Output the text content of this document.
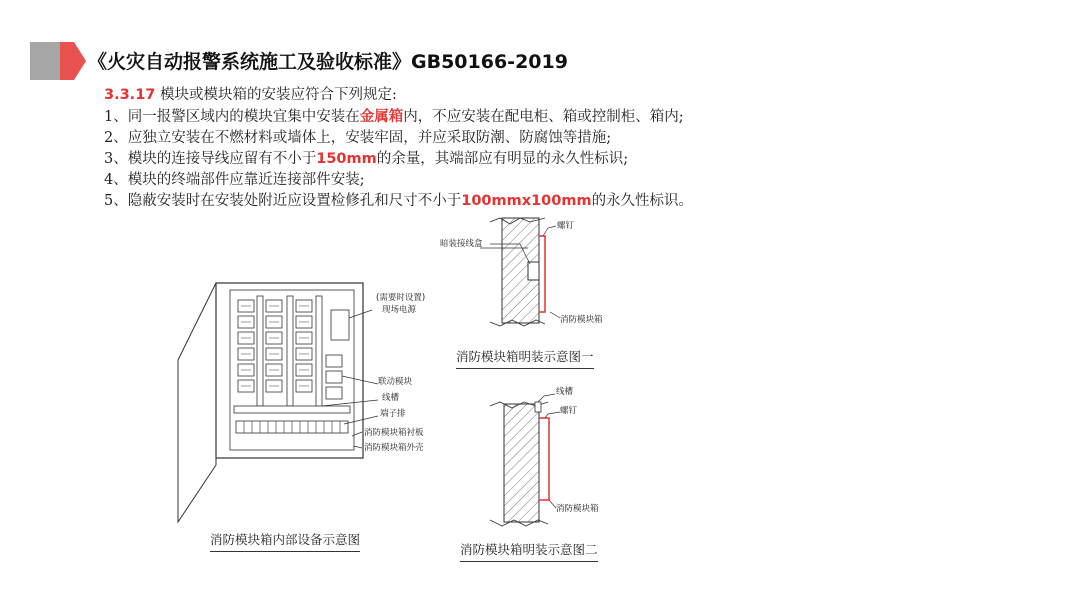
《火灾自动报警系统施工及验收标准》GB50166-2019
3.3.17 模块或模块箱的安装应符合下列规定:
1、同一报警区域内的模块宜集中安装在金属箱内，不应安装在配电柜、箱或控制柜、箱内;
2、应独立安装在不燃材料或墙体上，安装牢固，并应采取防潮、防腐蚀等措施;
3、模块的连接导线应留有不小于150mm的余量，其端部应有明显的永久性标识;
4、模块的终端部件应靠近连接部件安装;
5、隐蔽安装时在安装处附近应设置检修孔和尺寸不小于100mmx100mm的永久性标识。
(需要时设置)
现场电源
联动模块
线槽
端子排
消防模块箱衬板
消防模块箱外壳
螺钉
暗装接线盒
消防模块箱
线槽
螺钉
消防模块箱
消防模块箱内部设备示意图
消防模块箱明装示意图一
消防模块箱明装示意图二
